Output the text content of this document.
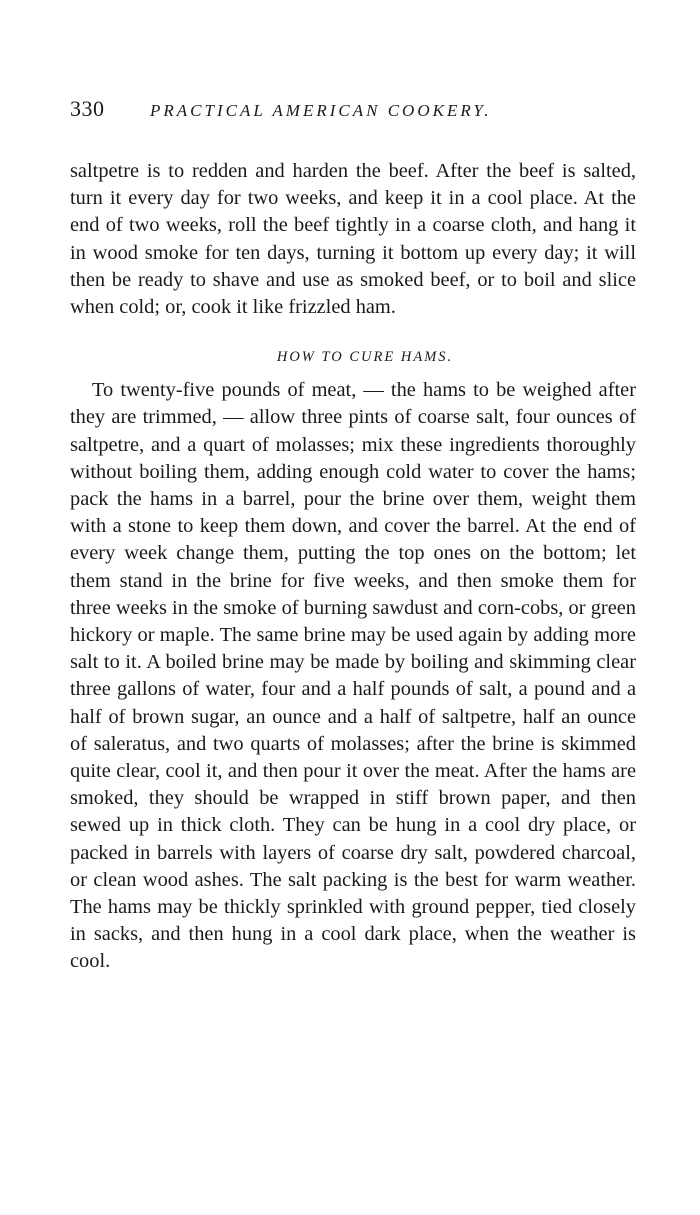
330	PRACTICAL AMERICAN COOKERY.

saltpetre is to redden and harden the beef. After the beef is salted, turn it every day for two weeks, and keep it in a cool place. At the end of two weeks, roll the beef tightly in a coarse cloth, and hang it in wood smoke for ten days, turning it bottom up every day; it will then be ready to shave and use as smoked beef, or to boil and slice when cold; or, cook it like frizzled ham.

HOW TO CURE HAMS.

To twenty-five pounds of meat, — the hams to be weighed after they are trimmed, — allow three pints of coarse salt, four ounces of saltpetre, and a quart of molasses; mix these ingredients thoroughly without boiling them, adding enough cold water to cover the hams; pack the hams in a barrel, pour the brine over them, weight them with a stone to keep them down, and cover the barrel. At the end of every week change them, putting the top ones on the bottom; let them stand in the brine for five weeks, and then smoke them for three weeks in the smoke of burning sawdust and corn-cobs, or green hickory or maple. The same brine may be used again by adding more salt to it. A boiled brine may be made by boiling and skimming clear three gallons of water, four and a half pounds of salt, a pound and a half of brown sugar, an ounce and a half of saltpetre, half an ounce of saleratus, and two quarts of molasses; after the brine is skimmed quite clear, cool it, and then pour it over the meat. After the hams are smoked, they should be wrapped in stiff brown paper, and then sewed up in thick cloth. They can be hung in a cool dry place, or packed in barrels with layers of coarse dry salt, powdered charcoal, or clean wood ashes. The salt packing is the best for warm weather. The hams may be thickly sprinkled with ground pepper, tied closely in sacks, and then hung in a cool dark place, when the weather is cool.
